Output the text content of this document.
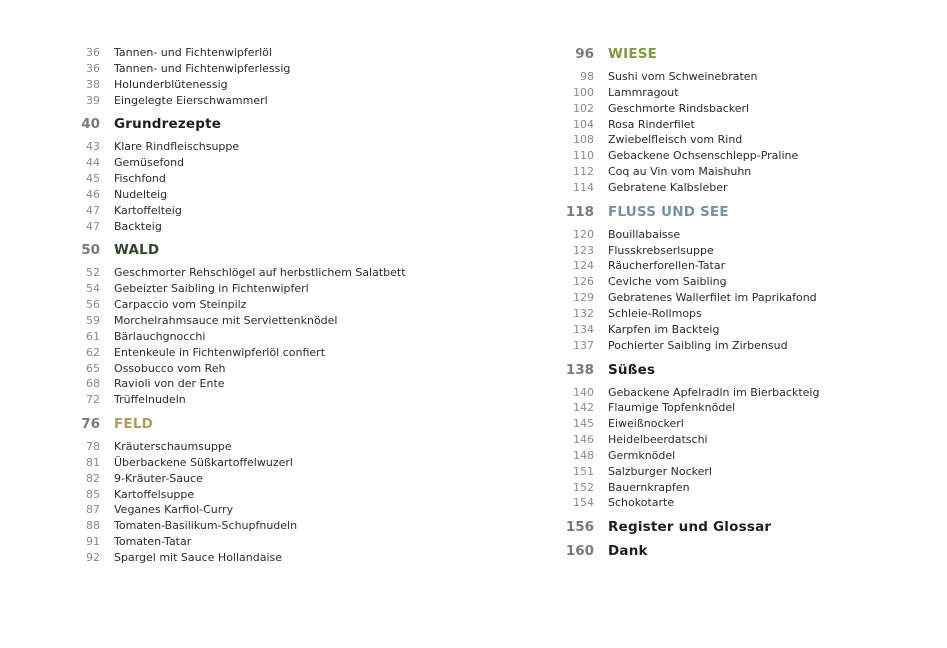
36 Tannen- und Fichtenwipferlöl
36 Tannen- und Fichtenwipferlessig
38 Holunderblütenessig
39 Eingelegte Eierschwammerl
40 Grundrezepte
43 Klare Rindfleischsuppe
44 Gemüsefond
45 Fischfond
46 Nudelteig
47 Kartoffelteig
47 Backteig
50 WALD
52 Geschmorter Rehschlögel auf herbstlichem Salatbett
54 Gebeizter Saibling in Fichtenwipferl
56 Carpaccio vom Steinpilz
59 Morchelrahmsauce mit Serviettenknödel
61 Bärlauchgnocchi
62 Entenkeule in Fichtenwipferlöl confiert
65 Ossobucco vom Reh
68 Ravioli von der Ente
72 Trüffelnudeln
76 FELD
78 Kräuterschaumsuppe
81 Überbackene Süßkartoffelwuzerl
82 9-Kräuter-Sauce
85 Kartoffelsuppe
87 Veganes Karfiol-Curry
88 Tomaten-Basilikum-Schupfnudeln
91 Tomaten-Tatar
92 Spargel mit Sauce Hollandaise
96 WIESE
98 Sushi vom Schweinebraten
100 Lammragout
102 Geschmorte Rindsbackerl
104 Rosa Rinderfilet
108 Zwiebelfleisch vom Rind
110 Gebackene Ochsenschlepp-Praline
112 Coq au Vin vom Maishuhn
114 Gebratene Kalbsleber
118 FLUSS UND SEE
120 Bouillabaisse
123 Flusskrebserlsuppe
124 Räucherforellen-Tatar
126 Ceviche vom Saibling
129 Gebratenes Wallerfilet im Paprikafond
132 Schleie-Rollmops
134 Karpfen im Backteig
137 Pochierter Saibling im Zirbensud
138 Süßes
140 Gebackene Apfelradln im Bierbackteig
142 Flaumige Topfenknödel
145 Eiweißnockerl
146 Heidelbeerdatschi
148 Germknödel
151 Salzburger Nockerl
152 Bauernkrapfen
154 Schokotarte
156 Register und Glossar
160 Dank
